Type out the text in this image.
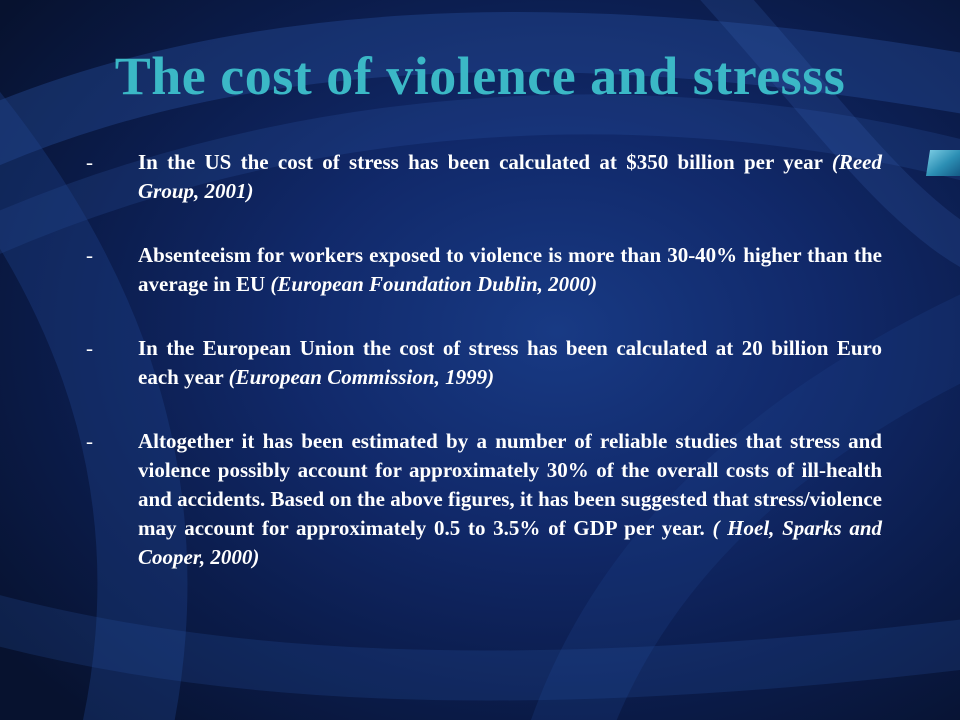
The cost of violence and stresss

- In the US the cost of stress has been calculated at $350 billion per year (Reed Group, 2001)

- Absenteeism for workers exposed to violence is more than 30-40% higher than the average in EU (European Foundation Dublin, 2000)

- In the European Union the cost of stress has been calculated at 20 billion Euro each year (European Commission, 1999)

- Altogether it has been estimated by a number of reliable studies that stress and violence possibly account for approximately 30% of the overall costs of ill-health and accidents. Based on the above figures, it has been suggested that stress/violence may account for approximately 0.5 to 3.5% of GDP per year. ( Hoel, Sparks and Cooper, 2000)
